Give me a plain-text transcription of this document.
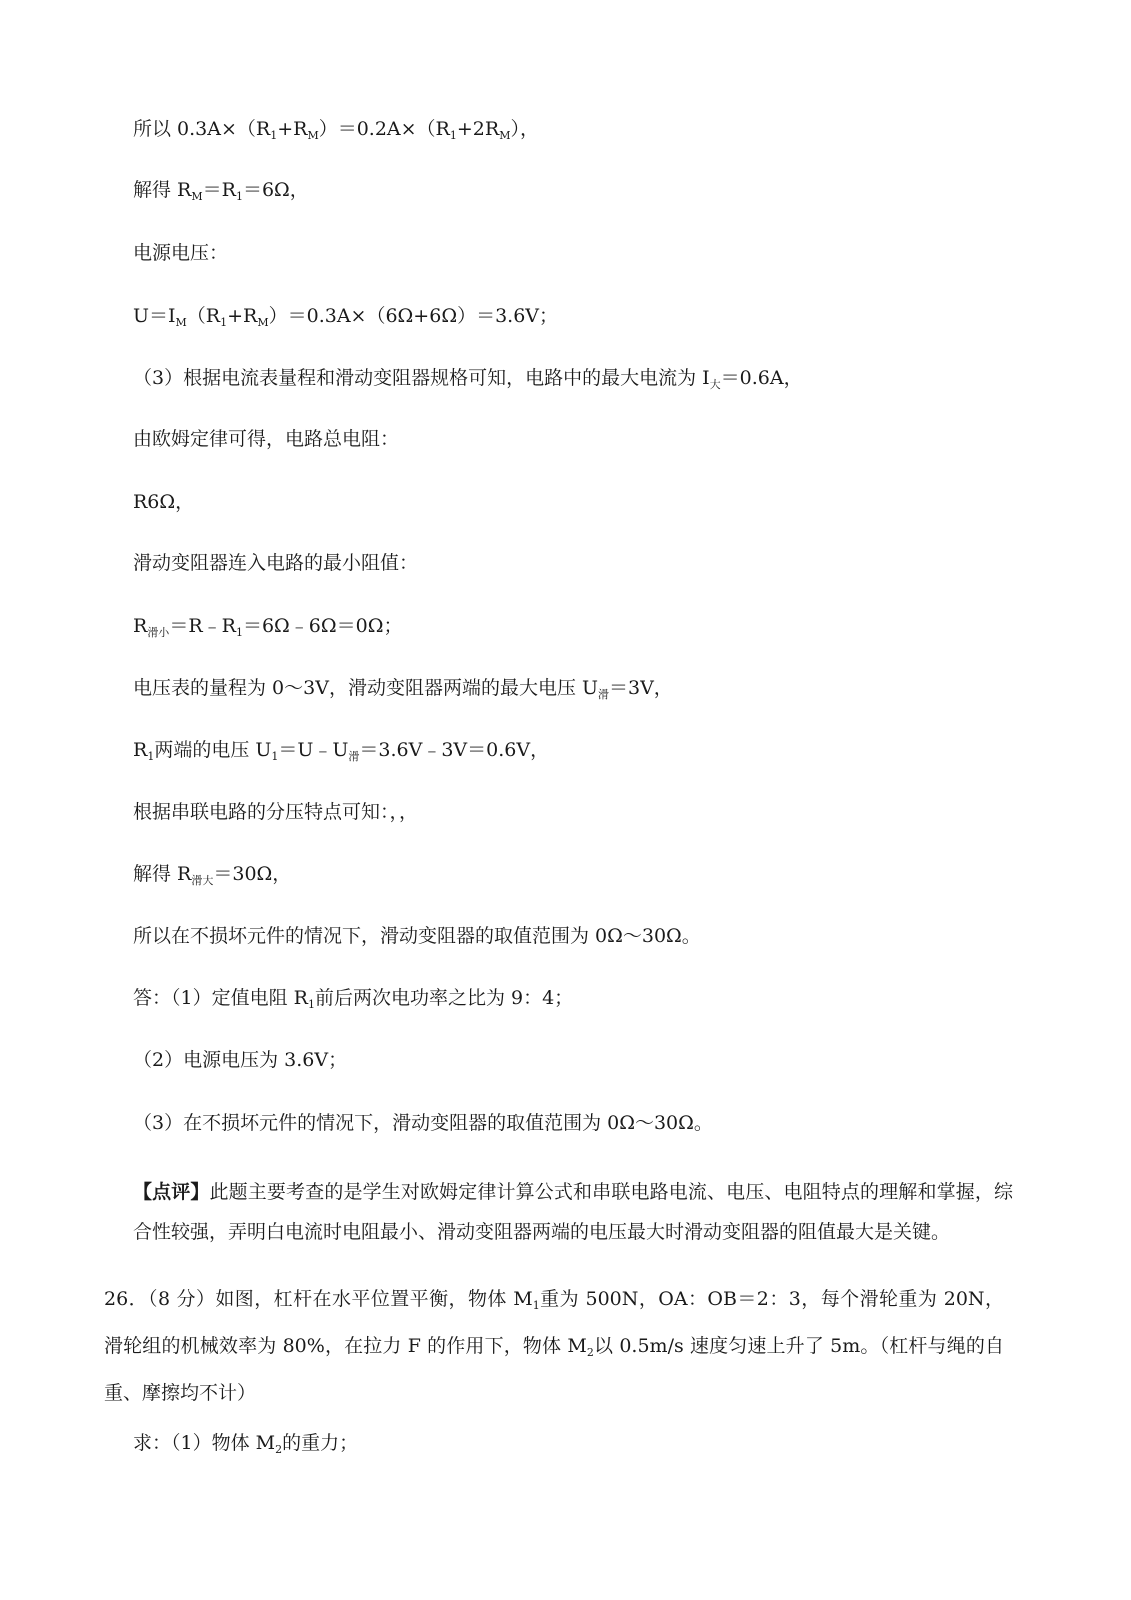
所以 $0.3A\times(R_1+R_M)=0.2A\times(R_1+2R_M)$，
解得 $R_M=R_1=6\Omega$，
电源电压：
$U=I_M(R_1+R_M)=0.3A\times(6\Omega+6\Omega)=3.6V$；
（3）根据电流表量程和滑动变阻器规格可知，电路中的最大电流为 $I_大=0.6A$，
由欧姆定律可得，电路总电阻：
R6Ω，
滑动变阻器连入电路的最小阻值：
$R_{滑小}=R﹣R_1=6\Omega﹣6\Omega=0\Omega$；
电压表的量程为 0～3V，滑动变阻器两端的最大电压 $U_滑=3V$，
$R_1$两端的电压 $U_1=U﹣U_滑=3.6V﹣3V=0.6V$，
根据串联电路的分压特点可知：，，
解得 $R_{滑大}=30\Omega$，
所以在不损坏元件的情况下，滑动变阻器的取值范围为 0Ω～30Ω。
答：（1）定值电阻 $R_1$前后两次电功率之比为 9：4；
（2）电源电压为 3.6V；
（3）在不损坏元件的情况下，滑动变阻器的取值范围为 0Ω～30Ω。
【点评】此题主要考查的是学生对欧姆定律计算公式和串联电路电流、电压、电阻特点的理解和掌握，综合性较强，弄明白电流时电阻最小、滑动变阻器两端的电压最大时滑动变阻器的阻值最大是关键。
26．（8 分）如图，杠杆在水平位置平衡，物体 $M_1$重为 500N，OA：OB＝2：3，每个滑轮重为 20N，滑轮组的机械效率为 80%，在拉力 F 的作用下，物体 $M_2$以 0.5m/s 速度匀速上升了 5m。（杠杆与绳的自重、摩擦均不计）
求：（1）物体 $M_2$的重力；
